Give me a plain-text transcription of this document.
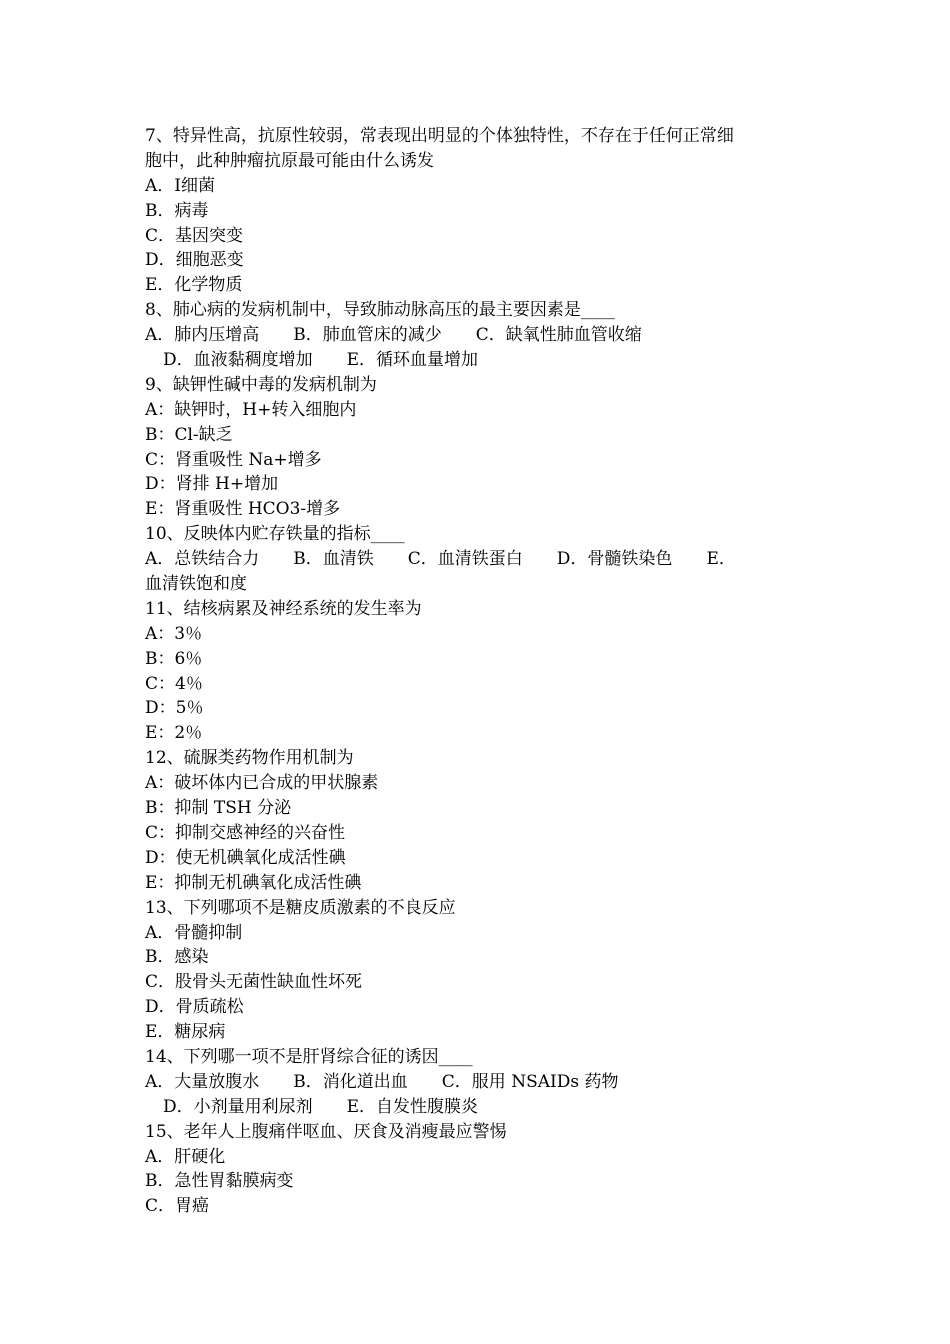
7、特异性高，抗原性较弱，常表现出明显的个体独特性，不存在于任何正常细
胞中，此种肿瘤抗原最可能由什么诱发
A．Ⅰ细菌
B．病毒
C．基因突变
D．细胞恶变
E．化学物质
8、肺心病的发病机制中，导致肺动脉高压的最主要因素是____
A．肺内压增高 B．肺血管床的减少 C．缺氧性肺血管收缩
D．血液黏稠度增加 E．循环血量增加
9、缺钾性碱中毒的发病机制为
A：缺钾时，H+转入细胞内
B：Cl-缺乏
C：肾重吸性 Na+增多
D：肾排 H+增加
E：肾重吸性 HCO3-增多
10、反映体内贮存铁量的指标____
A．总铁结合力 B．血清铁 C．血清铁蛋白 D．骨髓铁染色 E．
血清铁饱和度
11、结核病累及神经系统的发生率为
A：3％
B：6％
C：4％
D：5％
E：2％
12、硫脲类药物作用机制为
A：破坏体内已合成的甲状腺素
B：抑制 TSH 分泌
C：抑制交感神经的兴奋性
D：使无机碘氧化成活性碘
E：抑制无机碘氧化成活性碘
13、下列哪项不是糖皮质激素的不良反应
A．骨髓抑制
B．感染
C．股骨头无菌性缺血性坏死
D．骨质疏松
E．糖尿病
14、下列哪一项不是肝肾综合征的诱因____
A．大量放腹水 B．消化道出血 C．服用 NSAIDs 药物
D．小剂量用利尿剂 E．自发性腹膜炎
15、老年人上腹痛伴呕血、厌食及消瘦最应警惕
A．肝硬化
B．急性胃黏膜病变
C．胃癌
